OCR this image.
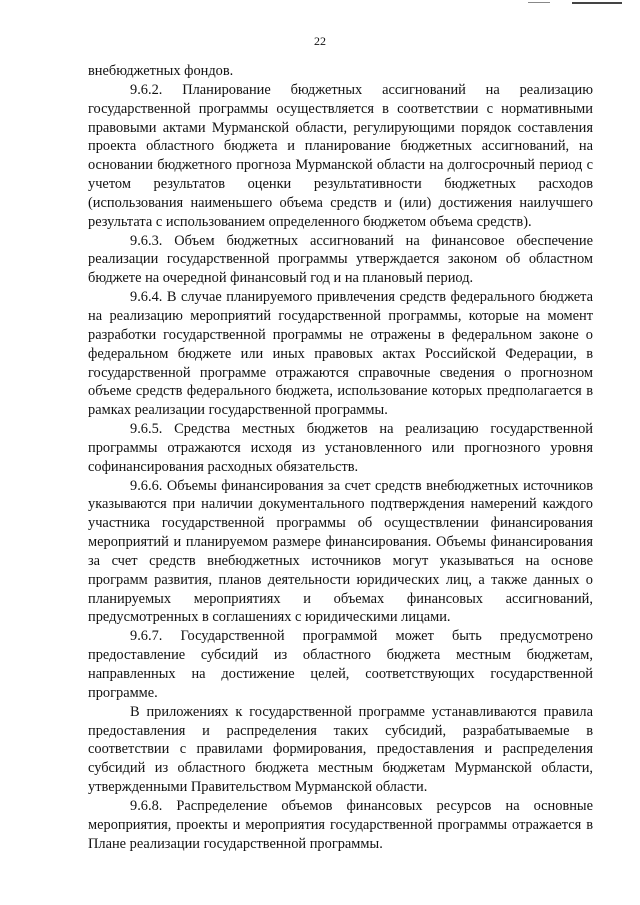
22

внебюджетных фондов.

9.6.2. Планирование бюджетных ассигнований на реализацию государственной программы осуществляется в соответствии с нормативными правовыми актами Мурманской области, регулирующими порядок составления проекта областного бюджета и планирование бюджетных ассигнований, на основании бюджетного прогноза Мурманской области на долгосрочный период с учетом результатов оценки результативности бюджетных расходов (использования наименьшего объема средств и (или) достижения наилучшего результата с использованием определенного бюджетом объема средств).

9.6.3. Объем бюджетных ассигнований на финансовое обеспечение реализации государственной программы утверждается законом об областном бюджете на очередной финансовый год и на плановый период.

9.6.4. В случае планируемого привлечения средств федерального бюджета на реализацию мероприятий государственной программы, которые на момент разработки государственной программы не отражены в федеральном законе о федеральном бюджете или иных правовых актах Российской Федерации, в государственной программе отражаются справочные сведения о прогнозном объеме средств федерального бюджета, использование которых предполагается в рамках реализации государственной программы.

9.6.5. Средства местных бюджетов на реализацию государственной программы отражаются исходя из установленного или прогнозного уровня софинансирования расходных обязательств.

9.6.6. Объемы финансирования за счет средств внебюджетных источников указываются при наличии документального подтверждения намерений каждого участника государственной программы об осуществлении финансирования мероприятий и планируемом размере финансирования. Объемы финансирования за счет средств внебюджетных источников могут указываться на основе программ развития, планов деятельности юридических лиц, а также данных о планируемых мероприятиях и объемах финансовых ассигнований, предусмотренных в соглашениях с юридическими лицами.

9.6.7. Государственной программой может быть предусмотрено предоставление субсидий из областного бюджета местным бюджетам, направленных на достижение целей, соответствующих государственной программе.

В приложениях к государственной программе устанавливаются правила предоставления и распределения таких субсидий, разрабатываемые в соответствии с правилами формирования, предоставления и распределения субсидий из областного бюджета местным бюджетам Мурманской области, утвержденными Правительством Мурманской области.

9.6.8. Распределение объемов финансовых ресурсов на основные мероприятия, проекты и мероприятия государственной программы отражается в Плане реализации государственной программы.
